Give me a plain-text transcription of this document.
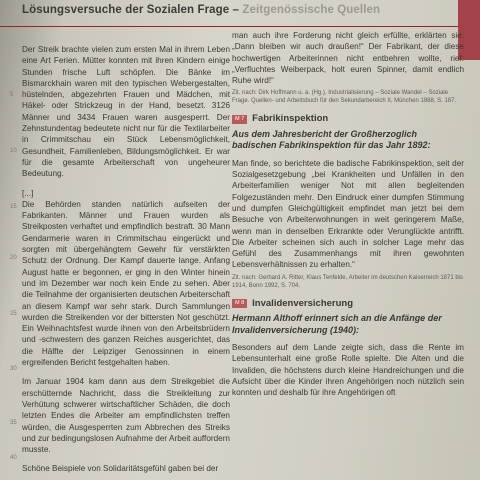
Lösungsversuche der Sozialen Frage – Zeitgenössische Quellen

Der Streik brachte vielen zum ersten Mal in ihrem Leben eine Art Ferien. Mütter konnten mit ihren Kindern einige Stunden frische Luft schöpfen. Die Bänke im Bismarckhain waren mit den typischen Webergestalten, hüstelnden, abgezehrten Frauen und Mädchen, mit Häkel- oder Strickzeug in der Hand, besetzt. 3126 Männer und 3434 Frauen waren ausgesperrt. Der Zehnstundentag bedeutete nicht nur für die Textilarbeiter in Crimmitschau ein Stück Lebensmöglichkeit, Gesundheit, Familienleben, Bildungsmöglichkeit. Er war für die gesamte Arbeiterschaft von ungeheurer Bedeutung.

[...]

Die Behörden standen natürlich aufseiten der Fabrikanten. Männer und Frauen wurden als Streikposten verhaftet und empfindlich bestraft. 30 Mann Gendarmerie waren in Crimmitschau eingerückt und sorgten mit übergehängtem Gewehr für verstärkten Schutz der Ordnung. Der Kampf dauerte lange. Anfang August hatte er begonnen, er ging in den Winter hinein und im Dezember war noch kein Ende zu sehen. Aber die Teilnahme der organisierten deutschen Arbeiterschaft an diesem Kampf war sehr stark. Durch Sammlungen wurden die Streikenden vor der bittersten Not geschützt. Ein Weihnachtsfest wurde ihnen von den Arbeitsbrüdern und -schwestern des ganzen Reiches ausgerichtet, das die Hälfte der Leipziger Genossinnen in einem ergreifenden Bericht festgehalten haben.

Im Januar 1904 kam dann aus dem Streikgebiet die erschütternde Nachricht, dass die Streikleitung zur Verhütung schwerer wirtschaftlicher Schäden, die doch letzten Endes die Arbeiter am empfindlichsten treffen würden, die Ausgesperrten zum Abbrechen des Streiks und zur bedingungslosen Aufnahme der Arbeit auffordern musste.

Schöne Beispiele von Solidaritätsgefühl gaben bei der

5
10
15
20
25
30
35
40

man auch ihre Forderung nicht gleich erfüllte, erklärten sie: „Dann bleiben wir auch draußen!“ Der Fabrikant, der diese hochwertigen Arbeiterinnen nicht entbehren wollte, rief: „Verfluchtes Weiberpack, holt euren Spinner, damit endlich Ruhe wird!“

Zit. nach: Dirk Hoffmann u. a. (Hg.), Industrialisierung – Soziale Wandel – Soziale Frage. Quellen- und Arbeitsbuch für den Sekundarbereich II, München 1988, S. 187.
M 7 Fabrikinspektion

Aus dem Jahresbericht der Großherzoglich badischen Fabrikinspektion für das Jahr 1892:

Man finde, so berichtete die badische Fabrikinspektion, seit der Sozialgesetzgebung „bei Krankheiten und Unfällen in den Arbeiterfamilien weniger Not mit allen begleitenden Folgezuständen mehr. Den Eindruck einer dumpfen Stimmung und dumpfen Gleichgültigkeit empfindet man jetzt bei dem Besuche von Arbeiterwohnungen in weit geringerem Maße, wenn man in denselben Erkrankte oder Verunglückte antrifft. Die Arbeiter scheinen sich auch in solcher Lage mehr das Gefühl des Zusammenhangs mit ihren gewohnten Lebensverhältnissen zu erhalten.“

Zit. nach: Gerhard A. Ritter, Klaus Tenfelde, Arbeiter im deutschen Kaiserreich 1871 bis 1914, Bonn 1992, S. 704.
M 8 Invalidenversicherung

Hermann Althoff erinnert sich an die Anfänge der Invalidenversicherung (1940):

Besonders auf dem Lande zeigte sich, dass die Rente im Lebensunterhalt eine große Rolle spielte. Die Alten und die Invaliden, die höchstens durch kleine Handreichungen und die Aufsicht über die Kinder ihren Angehörigen noch nützlich sein konnten und deshalb für ihre Angehörigen oft
